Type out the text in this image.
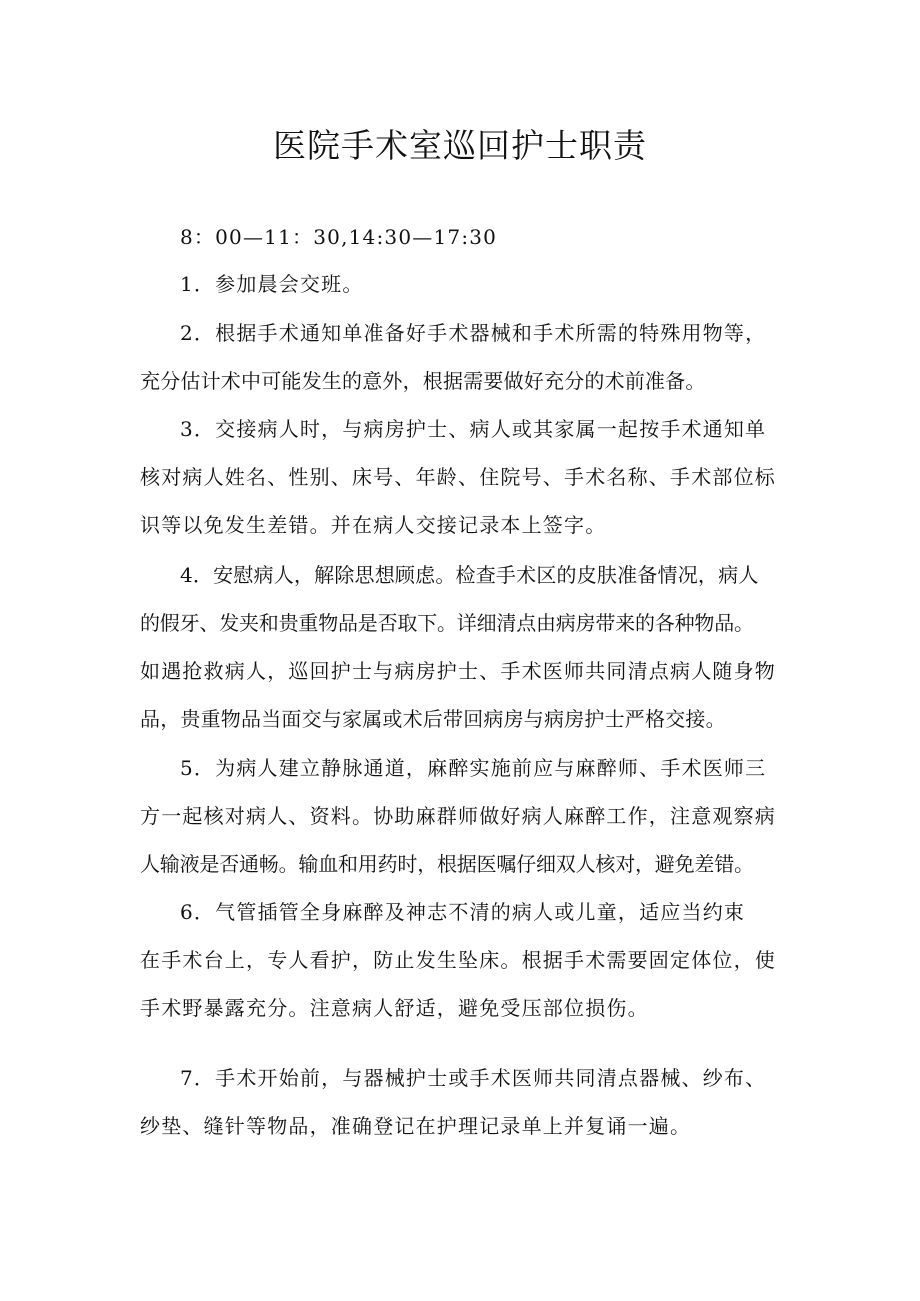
医院手术室巡回护士职责

8：00—11：30,14:30—17:30

1．参加晨会交班。

2．根据手术通知单准备好手术器械和手术所需的特殊用物等，

充分估计术中可能发生的意外，根据需要做好充分的术前准备。

3．交接病人时，与病房护士、病人或其家属一起按手术通知单

核对病人姓名、性别、床号、年龄、住院号、手术名称、手术部位标

识等以免发生差错。并在病人交接记录本上签字。

4．安慰病人，解除思想顾虑。检查手术区的皮肤准备情况，病人

的假牙、发夹和贵重物品是否取下。详细清点由病房带来的各种物品。

如遇抢救病人，巡回护士与病房护士、手术医师共同清点病人随身物

品，贵重物品当面交与家属或术后带回病房与病房护士严格交接。

5．为病人建立静脉通道，麻醉实施前应与麻醉师、手术医师三

方一起核对病人、资料。协助麻群师做好病人麻醉工作，注意观察病

人输液是否通畅。输血和用药时，根据医嘱仔细双人核对，避免差错。

6．气管插管全身麻醉及神志不清的病人或儿童，适应当约束

在手术台上，专人看护，防止发生坠床。根据手术需要固定体位，使

手术野暴露充分。注意病人舒适，避免受压部位损伤。

7．手术开始前，与器械护士或手术医师共同清点器械、纱布、

纱垫、缝针等物品，准确登记在护理记录单上并复诵一遍。
